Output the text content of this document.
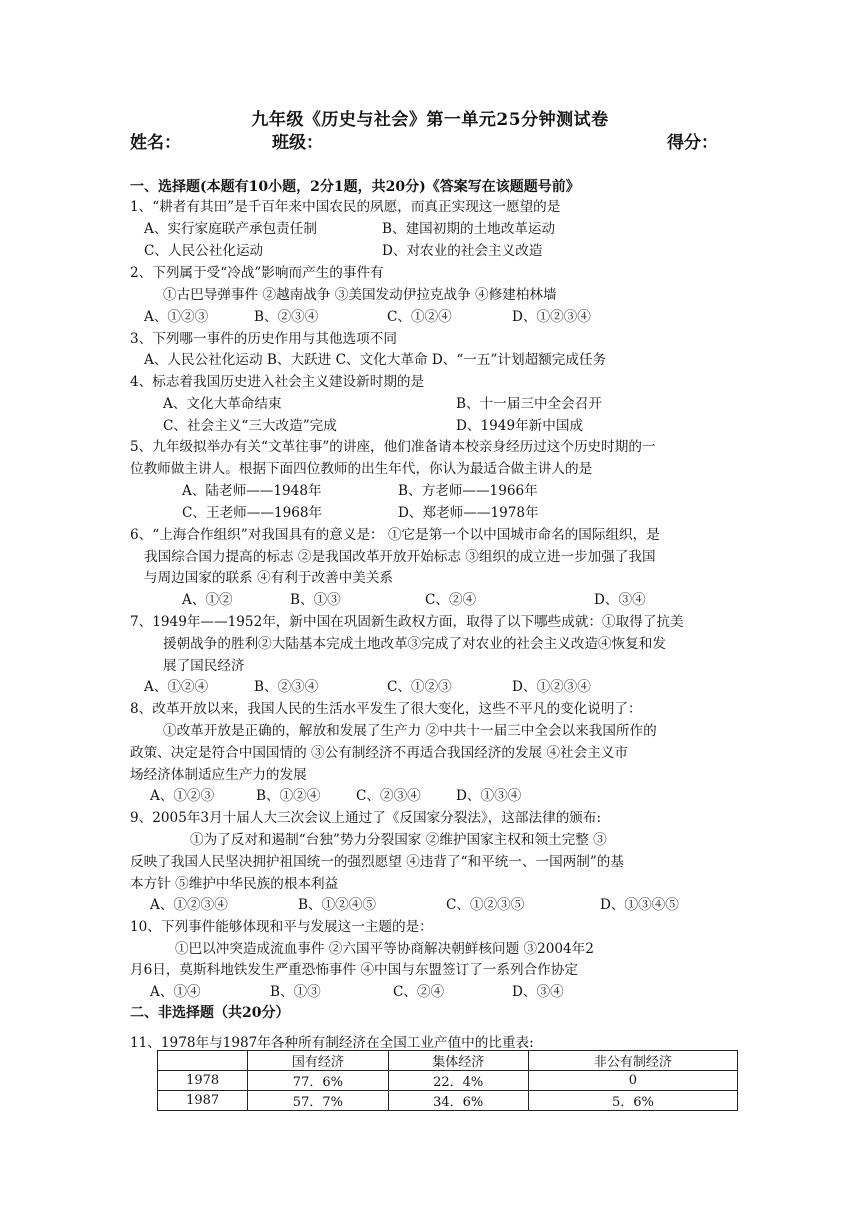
九年级《历史与社会》第一单元25分钟测试卷
姓名：	班级：	得分：
一、选择题(本题有10小题，2分1题，共20分)《答案写在该题题号前》
1、“耕者有其田”是千百年来中国农民的夙愿，而真正实现这一愿望的是
A、实行家庭联产承包责任制	B、建国初期的土地改革运动
C、人民公社化运动	D、对农业的社会主义改造
2、下列属于受“冷战”影响而产生的事件有
①古巴导弹事件 ②越南战争 ③美国发动伊拉克战争 ④修建柏林墙
A、①②③	B、②③④	C、①②④	D、①②③④
3、下列哪一事件的历史作用与其他选项不同
A、人民公社化运动 B、大跃进 C、文化大革命 D、“一五”计划超额完成任务
4、标志着我国历史进入社会主义建设新时期的是
A、文化大革命结束	B、十一届三中全会召开
C、社会主义“三大改造”完成	D、1949年新中国成
5、九年级拟举办有关“文革往事”的讲座，他们准备请本校亲身经历过这个历史时期的一
位教师做主讲人。根据下面四位教师的出生年代，你认为最适合做主讲人的是
A、陆老师——1948年	B、方老师——1966年
C、王老师——1968年	D、郑老师——1978年
6、“上海合作组织”对我国具有的意义是： ①它是第一个以中国城市命名的国际组织，是
我国综合国力提高的标志 ②是我国改革开放开始标志 ③组织的成立进一步加强了我国
与周边国家的联系 ④有利于改善中美关系
A、①②	B、①③	C、②④	D、③④
7、1949年——1952年，新中国在巩固新生政权方面，取得了以下哪些成就：①取得了抗美
援朝战争的胜利②大陆基本完成土地改革③完成了对农业的社会主义改造④恢复和发
展了国民经济
A、①②④	B、②③④	C、①②③	D、①②③④
8、改革开放以来，我国人民的生活水平发生了很大变化，这些不平凡的变化说明了：
①改革开放是正确的，解放和发展了生产力 ②中共十一届三中全会以来我国所作的
政策、决定是符合中国国情的 ③公有制经济不再适合我国经济的发展 ④社会主义市
场经济体制适应生产力的发展
A、①②③	B、①②④	C、②③④	D、①③④
9、2005年3月十届人大三次会议上通过了《反国家分裂法》，这部法律的颁布:
①为了反对和遏制“台独”势力分裂国家 ②维护国家主权和领土完整 ③
反映了我国人民坚决拥护祖国统一的强烈愿望 ④违背了“和平统一、一国两制”的基
本方针 ⑤维护中华民族的根本利益
A、①②③④	B、①②④⑤	C、①②③⑤	D、①③④⑤
10、下列事件能够体现和平与发展这一主题的是：
①巴以冲突造成流血事件 ②六国平等协商解决朝鲜核问题 ③2004年2
月6日，莫斯科地铁发生严重恐怖事件 ④中国与东盟签订了一系列合作协定
A、①④	B、①③	C、②④	D、③④
二、非选择题（共20分）
11、1978年与1987年各种所有制经济在全国工业产值中的比重表:
	国有经济	集体经济	非公有制经济
1978	77．6%	22．4%	0
1987	57．7%	34．6%	5．6%
